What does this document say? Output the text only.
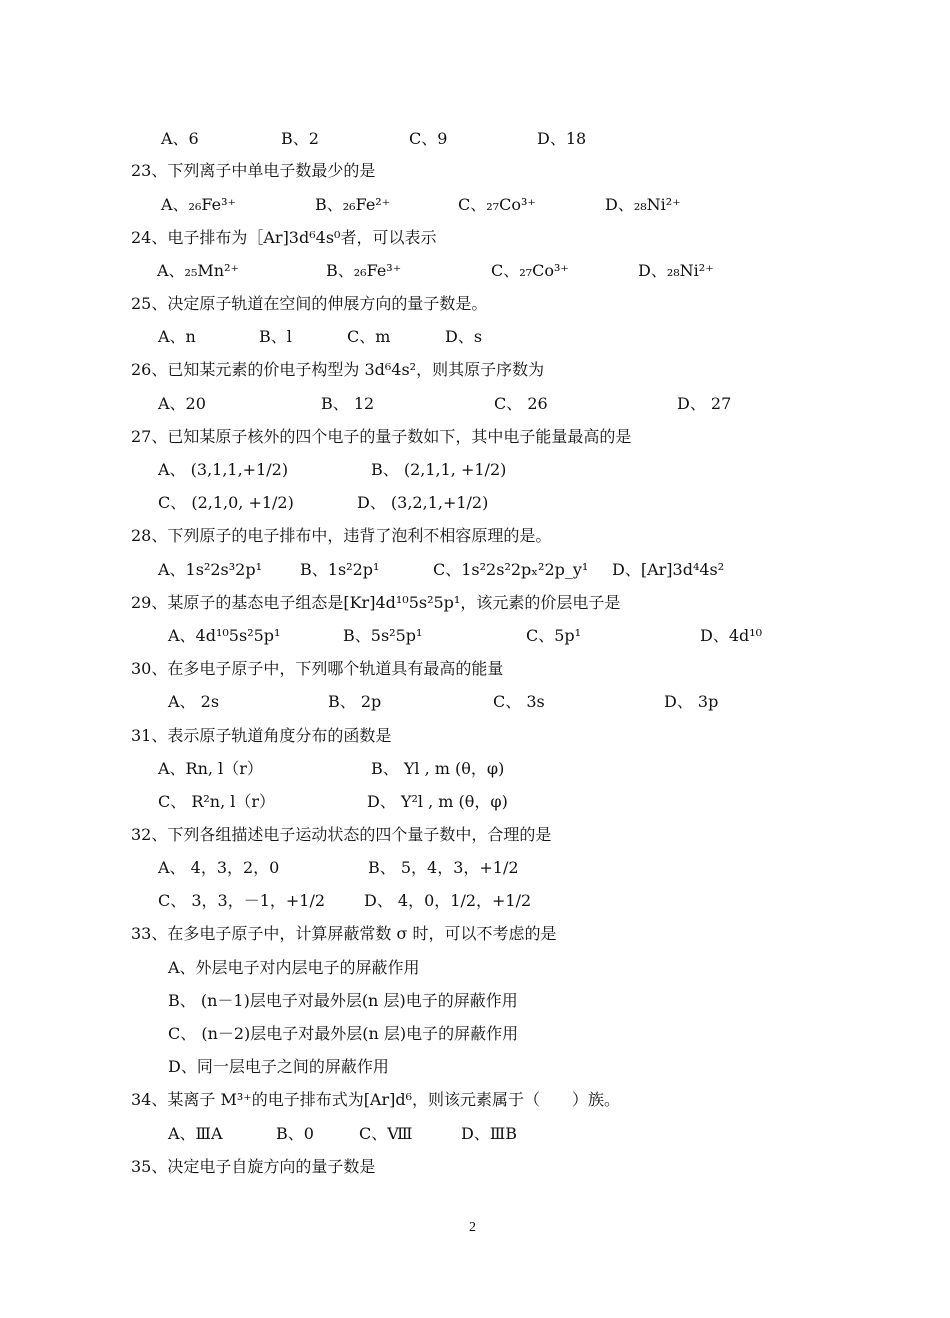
A、6	B、2	C、9	D、18
23、下列离子中单电子数最少的是
A、₂₆Fe³⁺	B、₂₆Fe²⁺	C、₂₇Co³⁺	D、₂₈Ni²⁺
24、电子排布为［Ar]3d⁶4s⁰者，可以表示
A、₂₅Mn²⁺	B、₂₆Fe³⁺	C、₂₇Co³⁺	D、₂₈Ni²⁺
25、决定原子轨道在空间的伸展方向的量子数是。
A、n	B、l	C、m	D、s
26、已知某元素的价电子构型为 3d⁶4s²，则其原子序数为
A、20	B、 12	C、 26	D、 27
27、已知某原子核外的四个电子的量子数如下，其中电子能量最高的是
A、 (3,1,1,+1/2)	B、 (2,1,1, +1/2)
C、 (2,1,0, +1/2)	D、 (3,2,1,+1/2)
28、下列原子的电子排布中，违背了泡利不相容原理的是。
A、1s²2s³2p¹ B、1s²2p¹	C、1s²2s²2pₓ²2p_y¹ D、[Ar]3d⁴4s²
29、某原子的基态电子组态是[Kr]4d¹⁰5s²5p¹，该元素的价层电子是
A、4d¹⁰5s²5p¹	B、5s²5p¹	C、5p¹	D、4d¹⁰
30、在多电子原子中，下列哪个轨道具有最高的能量
A、 2s	B、 2p	C、 3s	D、 3p
31、表示原子轨道角度分布的函数是
A、Rn, l（r）	B、 Yl , m (θ，φ)
C、 R²n, l（r）	D、 Y²l , m (θ，φ)
32、下列各组描述电子运动状态的四个量子数中，合理的是
A、 4，3，2，0	B、 5，4，3，+1/2
C、 3，3，－1，+1/2 D、 4，0，1/2，+1/2
33、在多电子原子中，计算屏蔽常数 σ 时，可以不考虑的是
A、外层电子对内层电子的屏蔽作用
B、 (n－1)层电子对最外层(n 层)电子的屏蔽作用
C、 (n－2)层电子对最外层(n 层)电子的屏蔽作用
D、同一层电子之间的屏蔽作用
34、某离子 M³⁺的电子排布式为[Ar]d⁶，则该元素属于（　　）族。
A、ⅢA	B、0	C、Ⅷ	D、ⅢB
35、决定电子自旋方向的量子数是
2
